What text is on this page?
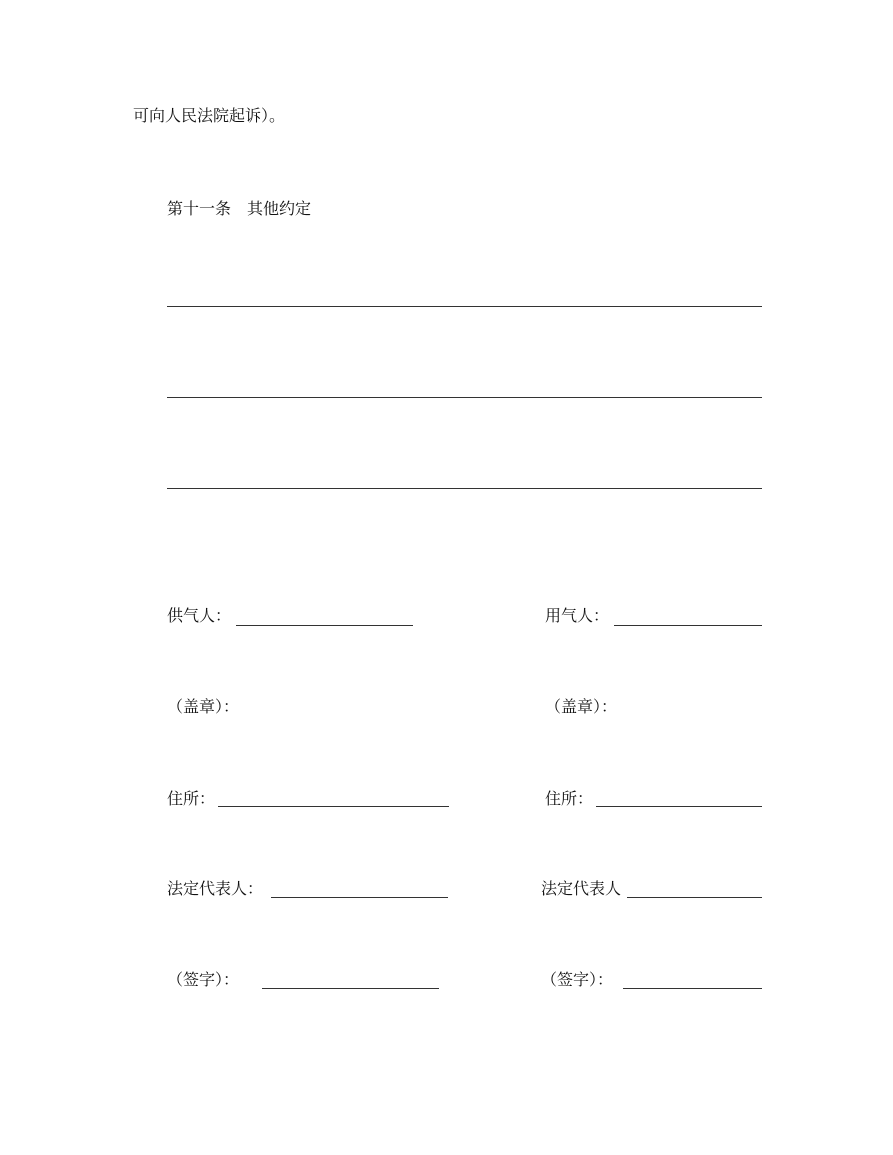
可向人民法院起诉）。
第十一条　其他约定
供气人：
（盖章）：
住所：
法定代表人：
（签字）：
用气人：
（盖章）：
住所：
法定代表人
（签字）：
